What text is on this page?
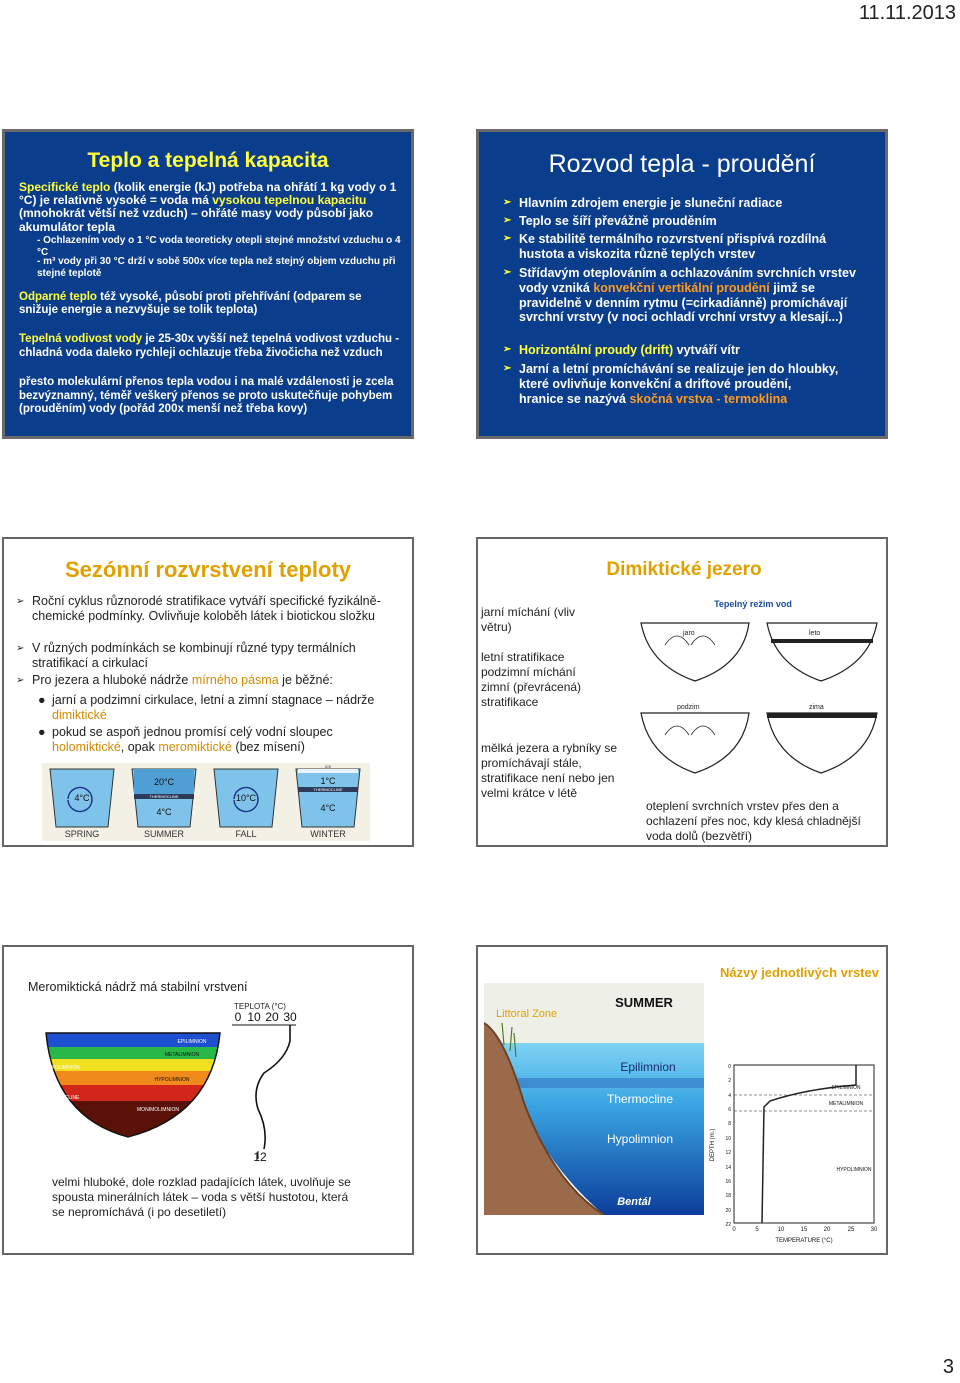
11.11.2013
3
Teplo a tepelná kapacita
Specifické teplo (kolik energie (kJ) potřeba na ohřátí 1 kg vody o 1 °C) je relativně vysoké = voda má vysokou tepelnou kapacitu (mnohokrát větší než vzduch) – ohřáté masy vody působí jako akumulátor tepla
- Ochlazením vody o 1 °C voda teoreticky otepli stejné množství vzduchu o 4 °C
- m³ vody při 30 °C drží v sobě 500x více tepla než stejný objem vzduchu při stejné teplotě
Odparné teplo též vysoké, působí proti přehřívání (odparem se snižuje energie a nezvyšuje se tolik teplota)
Tepelná vodivost vody je 25-30x vyšší než tepelná vodivost vzduchu - chladná voda daleko rychleji ochlazuje třeba živočicha než vzduch
přesto molekulární přenos tepla vodou i na malé vzdálenosti je zcela bezvýznamný, téměř veškerý přenos se proto uskutečňuje pohybem (prouděním) vody (pořád 200x menší než třeba kovy)
Rozvod tepla - proudění
➢ Hlavním zdrojem energie je sluneční radiace
➢ Teplo se šíří převážně prouděním
➢ Ke stabilitě termálního rozvrstvení přispívá rozdílná hustota a viskozita různě teplých vrstev
➢ Střídavým oteplováním a ochlazováním svrchních vrstev vody vzniká konvekční vertikální proudění jimž se pravidelně v denním rytmu (=cirkadiánně) promíchávají svrchní vrstvy (v noci ochladí vrchní vrstvy a klesají...)
➢ Horizontální proudy (drift) vytváří vítr
➢ Jarní a letní promíchávání se realizuje jen do hloubky, které ovlivňuje konvekční a driftové proudění, hranice se nazývá skočná vrstva - termoklina
Sezónní rozvrstvení teploty
➢ Roční cyklus různorodé stratifikace vytváří specifické fyzikálně-chemické podmínky. Ovlivňuje koloběh látek i biotickou složku
➢ V různých podmínkách se kombinují různé typy termálních stratifikací a cirkulací
➢ Pro jezera a hluboké nádrže mírného pásma je běžné:
● jarní a podzimní cirkulace, letní a zimní stagnace – nádrže dimiktické
● pokud se aspoň jednou promísí celý vodní sloupec holomiktické, opak meromiktické (bez mísení)
4°C
SPRING
20°C
THERMOCLINE
4°C
SUMMER
10°C
FALL
ICE
1°C
THERMOCLINE
4°C
WINTER
Dimiktické jezero
jarní míchání (vliv větru)
letní stratifikace podzimní míchání zimní (převrácená) stratifikace
mělká jezera a rybníky se promíchávají stále, stratifikace není nebo jen velmi krátce v létě
oteplení svrchních vrstev přes den a ochlazení přes noc, kdy klesá chladnější voda dolů (bezvětří)
Tepelný režim vod
jaro	leto
podzim	zima
Meromiktická nádrž má stabilní vrstvení
velmi hluboké, dole rozklad padajících látek, uvolňuje se spousta minerálních látek – voda s větší hustotou, která se nepromíchává (i po desetiletí)
TEPLOTA (°C)
0 10 20 30
EPILIMNION
METALIMNION
HYPOLIMNION
MONIMOLIMNION
MIXOLIMNION
CHEMOCLINE
12
Názvy jednotlivých vrstev
SUMMER
Littoral Zone
Epilimnion
Thermocline
Hypolimnion
Bentál
EPILIMNION
METALIMNION
HYPOLIMNION
DEPTH (m.)
TEMPERATURE (°C)
0	5	10	15	20	25	30
0
2
4
6
8
10
12
14
16
18
20
22
